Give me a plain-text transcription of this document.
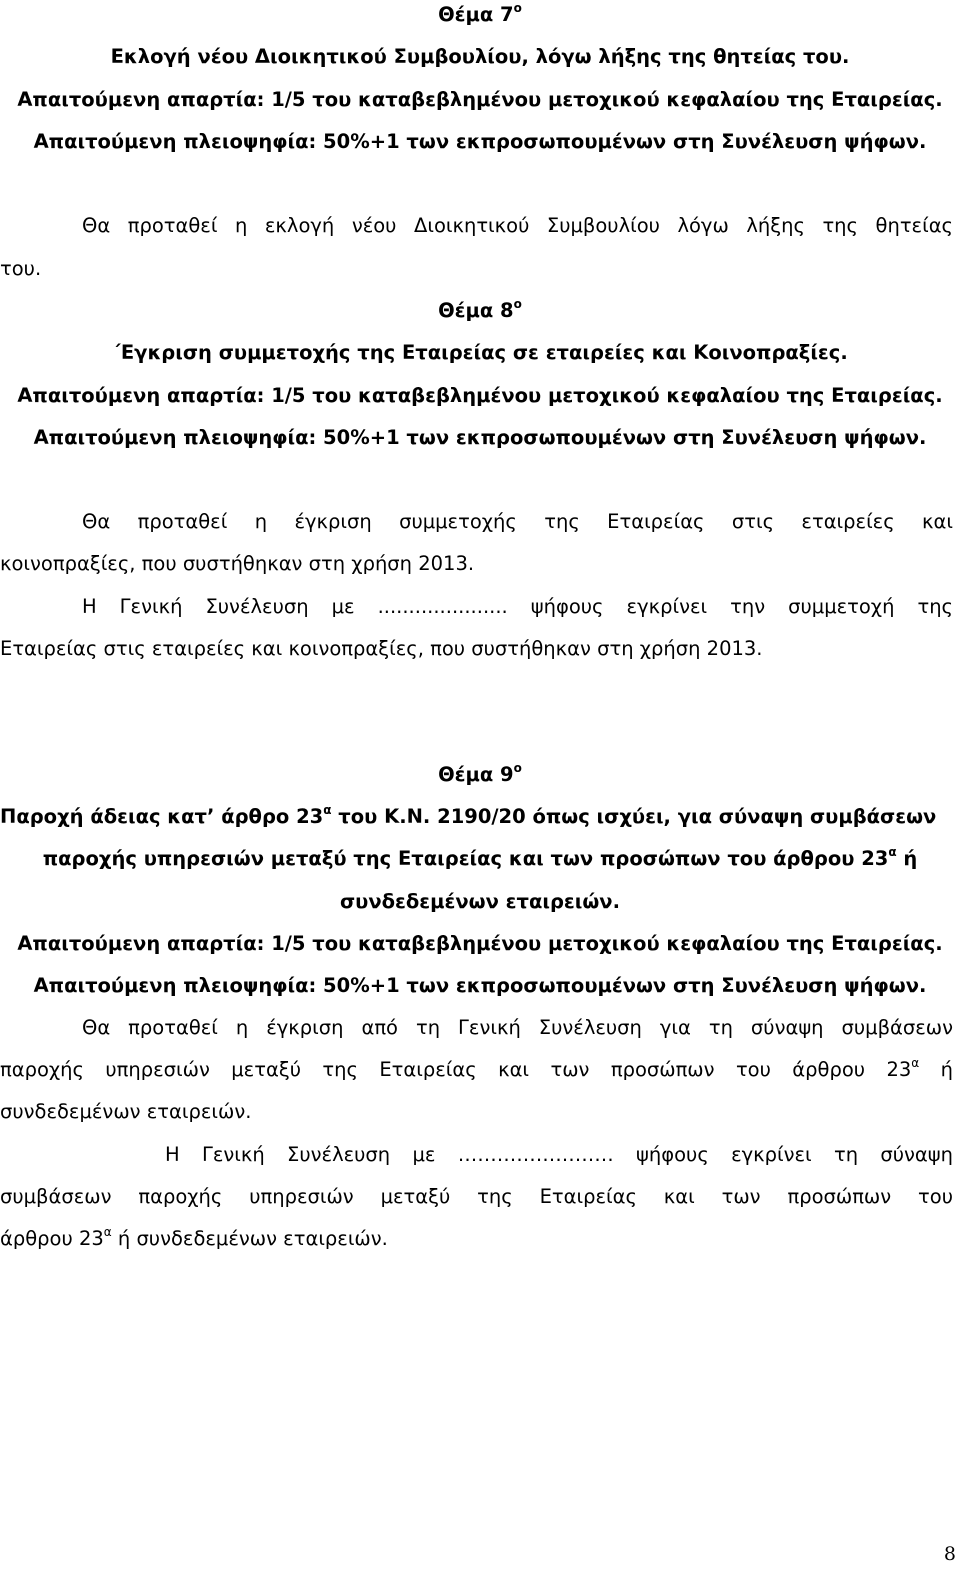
Θέμα $7^o$

Εκλογή νέου Διοικητικού Συμβουλίου, λόγω λήξης της θητείας του.

Απαιτούμενη απαρτία: 1/5 του καταβεβλημένου μετοχικού κεφαλαίου της Εταιρείας.

Απαιτούμενη πλειοψηφία: 50%+1 των εκπροσωπουμένων στη Συνέλευση ψήφων.

Θα προταθεί η εκλογή νέου Διοικητικού Συμβουλίου λόγω λήξης της θητείας

του.

Θέμα $8^o$

΄Εγκριση συμμετοχής της Εταιρείας σε εταιρείες και Κοινοπραξίες.

Απαιτούμενη απαρτία: 1/5 του καταβεβλημένου μετοχικού κεφαλαίου της Εταιρείας.

Απαιτούμενη πλειοψηφία: 50%+1 των εκπροσωπουμένων στη Συνέλευση ψήφων.

Θα προταθεί η έγκριση συμμετοχής της Εταιρείας στις εταιρείες και

κοινοπραξίες, που συστήθηκαν στη χρήση 2013.

Η Γενική Συνέλευση με ..................... ψήφους εγκρίνει την συμμετοχή της

Εταιρείας στις εταιρείες και κοινοπραξίες, που συστήθηκαν στη χρήση 2013.

Θέμα $9^o$

Παροχή άδειας κατ’ άρθρο $23^\alpha$ του Κ.Ν. 2190/20 όπως ισχύει, για σύναψη συμβάσεων

παροχής υπηρεσιών μεταξύ της Εταιρείας και των προσώπων του άρθρου $23^\alpha$ ή

συνδεδεμένων εταιρειών.

Απαιτούμενη απαρτία: 1/5 του καταβεβλημένου μετοχικού κεφαλαίου της Εταιρείας.

Απαιτούμενη πλειοψηφία: 50%+1 των εκπροσωπουμένων στη Συνέλευση ψήφων.

Θα προταθεί η έγκριση από τη Γενική Συνέλευση για τη σύναψη συμβάσεων

παροχής υπηρεσιών μεταξύ της Εταιρείας και των προσώπων του άρθρου $23^\alpha$ ή

συνδεδεμένων εταιρειών.

Η Γενική Συνέλευση με …………………… ψήφους εγκρίνει τη σύναψη

συμβάσεων παροχής υπηρεσιών μεταξύ της Εταιρείας και των προσώπων του

άρθρου $23^\alpha$ ή συνδεδεμένων εταιρειών.

8
